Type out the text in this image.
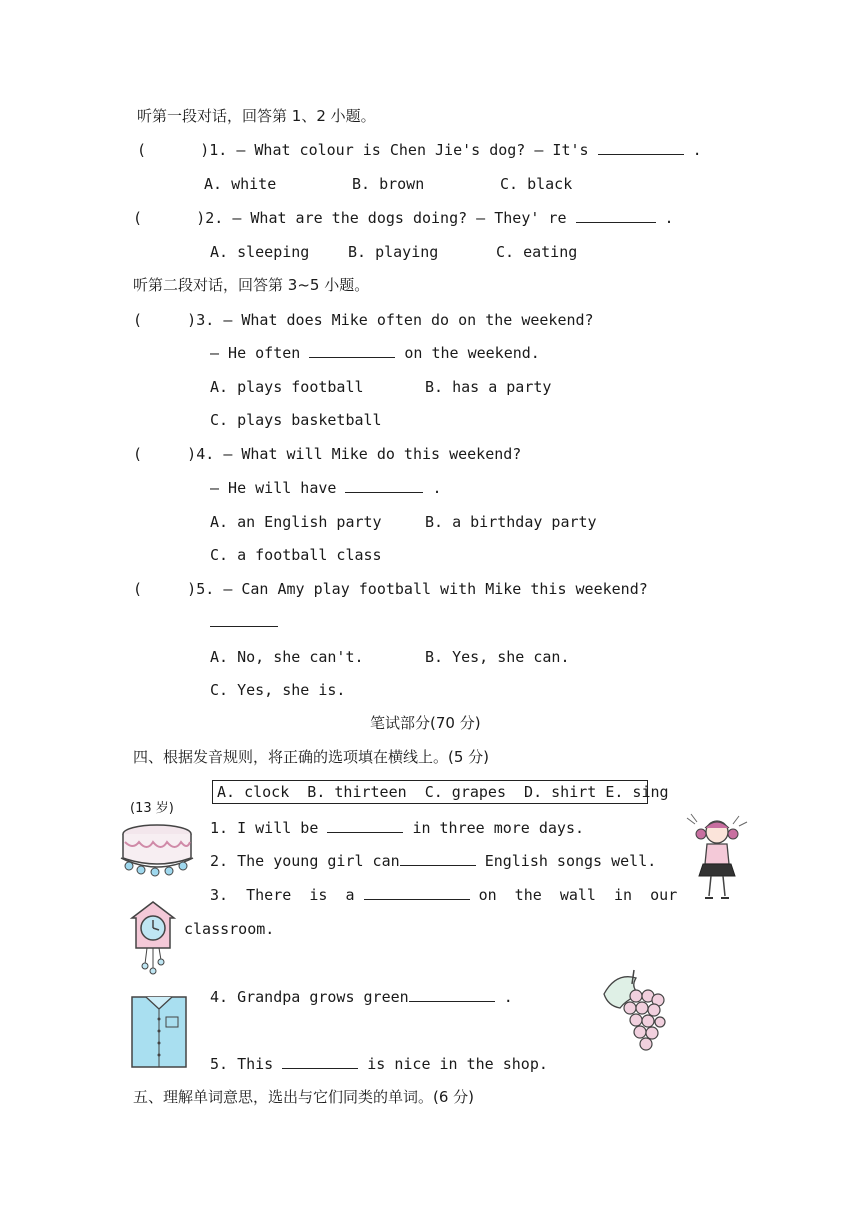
听第一段对话，回答第 1、2 小题。
(      )1. — What colour is Chen Jie's dog? — It's	.
A. white	B. brown	C. black
(      )2. — What are the dogs doing? — They' re	.
A. sleeping	B. playing	C. eating
听第二段对话，回答第 3~5 小题。
(     )3. — What does Mike often do on the weekend?
— He often	on the weekend.
A. plays football	B. has a party
C. plays basketball
(     )4. — What will Mike do this weekend?
— He will have	.
A. an English party	B. a birthday party
C. a football class
(     )5. — Can Amy play football with Mike this weekend?
A. No, she can't.	B. Yes, she can.
C. Yes, she is.
笔试部分(70 分)
四、根据发音规则，将正确的选项填在横线上。(5 分)
A. clock  B. thirteen  C. grapes  D. shirt E. sing
(13 岁)
1. I will be	in three more days.
2. The young girl can	English songs well.
3.  There  is  a	on  the  wall  in  our
classroom.
4. Grandpa grows green	.
5. This	is nice in the shop.
五、理解单词意思，选出与它们同类的单词。(6 分)
